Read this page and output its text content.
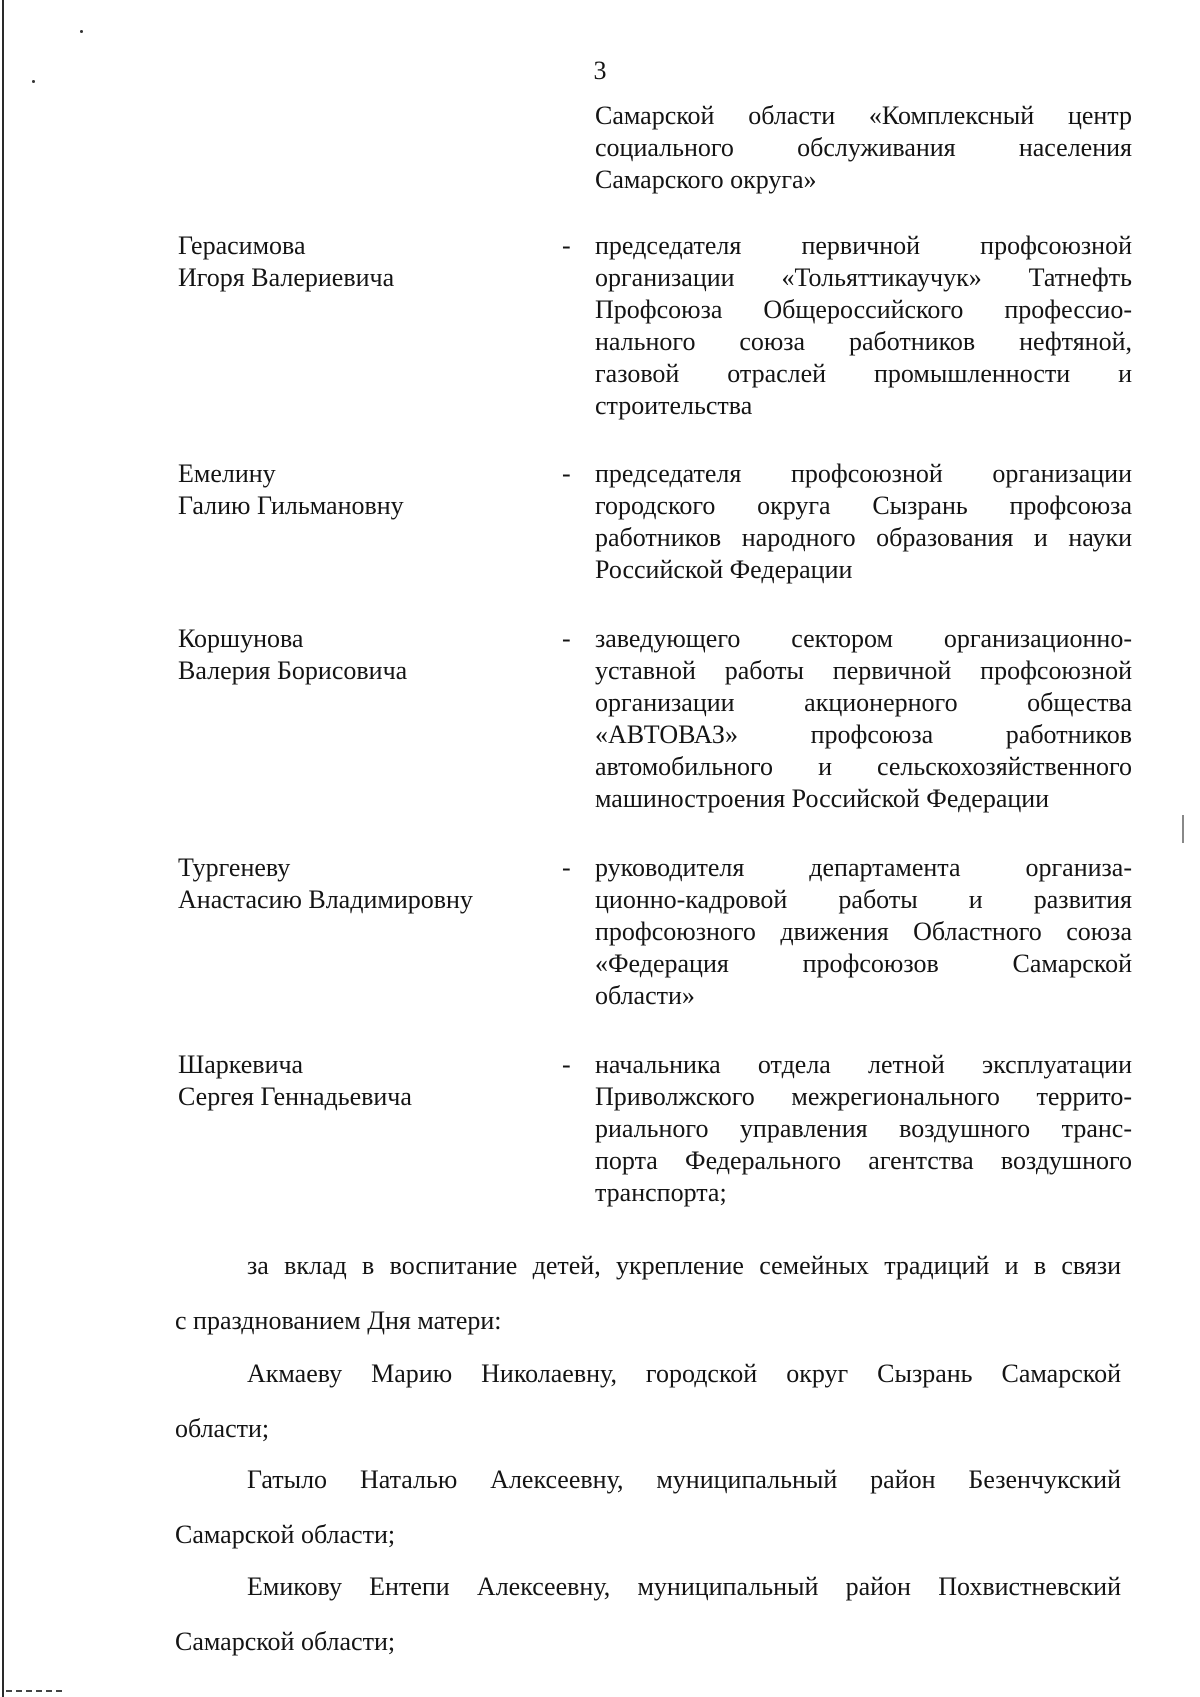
3
Самарской области «Комплексный центр
социального обслуживания населения
Самарского округа»
Герасимова
Игоря Валериевича
- председателя первичной профсоюзной
организации «Тольяттикаучук» Татнефть
Профсоюза Общероссийского профессио-
нального союза работников нефтяной,
газовой отраслей промышленности и
строительства
Емелину
Галию Гильмановну
- председателя профсоюзной организации
городского округа Сызрань профсоюза
работников народного образования и науки
Российской Федерации
Коршунова
Валерия Борисовича
- заведующего сектором организационно-
уставной работы первичной профсоюзной
организации акционерного общества
«АВТОВАЗ» профсоюза работников
автомобильного и сельскохозяйственного
машиностроения Российской Федерации
Тургеневу
Анастасию Владимировну
- руководителя департамента организа-
ционно-кадровой работы и развития
профсоюзного движения Областного союза
«Федерация профсоюзов Самарской
области»
Шаркевича
Сергея Геннадьевича
- начальника отдела летной эксплуатации
Приволжского межрегионального террито-
риального управления воздушного транс-
порта Федерального агентства воздушного
транспорта;
за вклад в воспитание детей, укрепление семейных традиций и в связи
с празднованием Дня матери:
Акмаеву Марию Николаевну, городской округ Сызрань Самарской
области;
Гатыло Наталью Алексеевну, муниципальный район Безенчукский
Самарской области;
Емикову Ентепи Алексеевну, муниципальный район Похвистневский
Самарской области;
